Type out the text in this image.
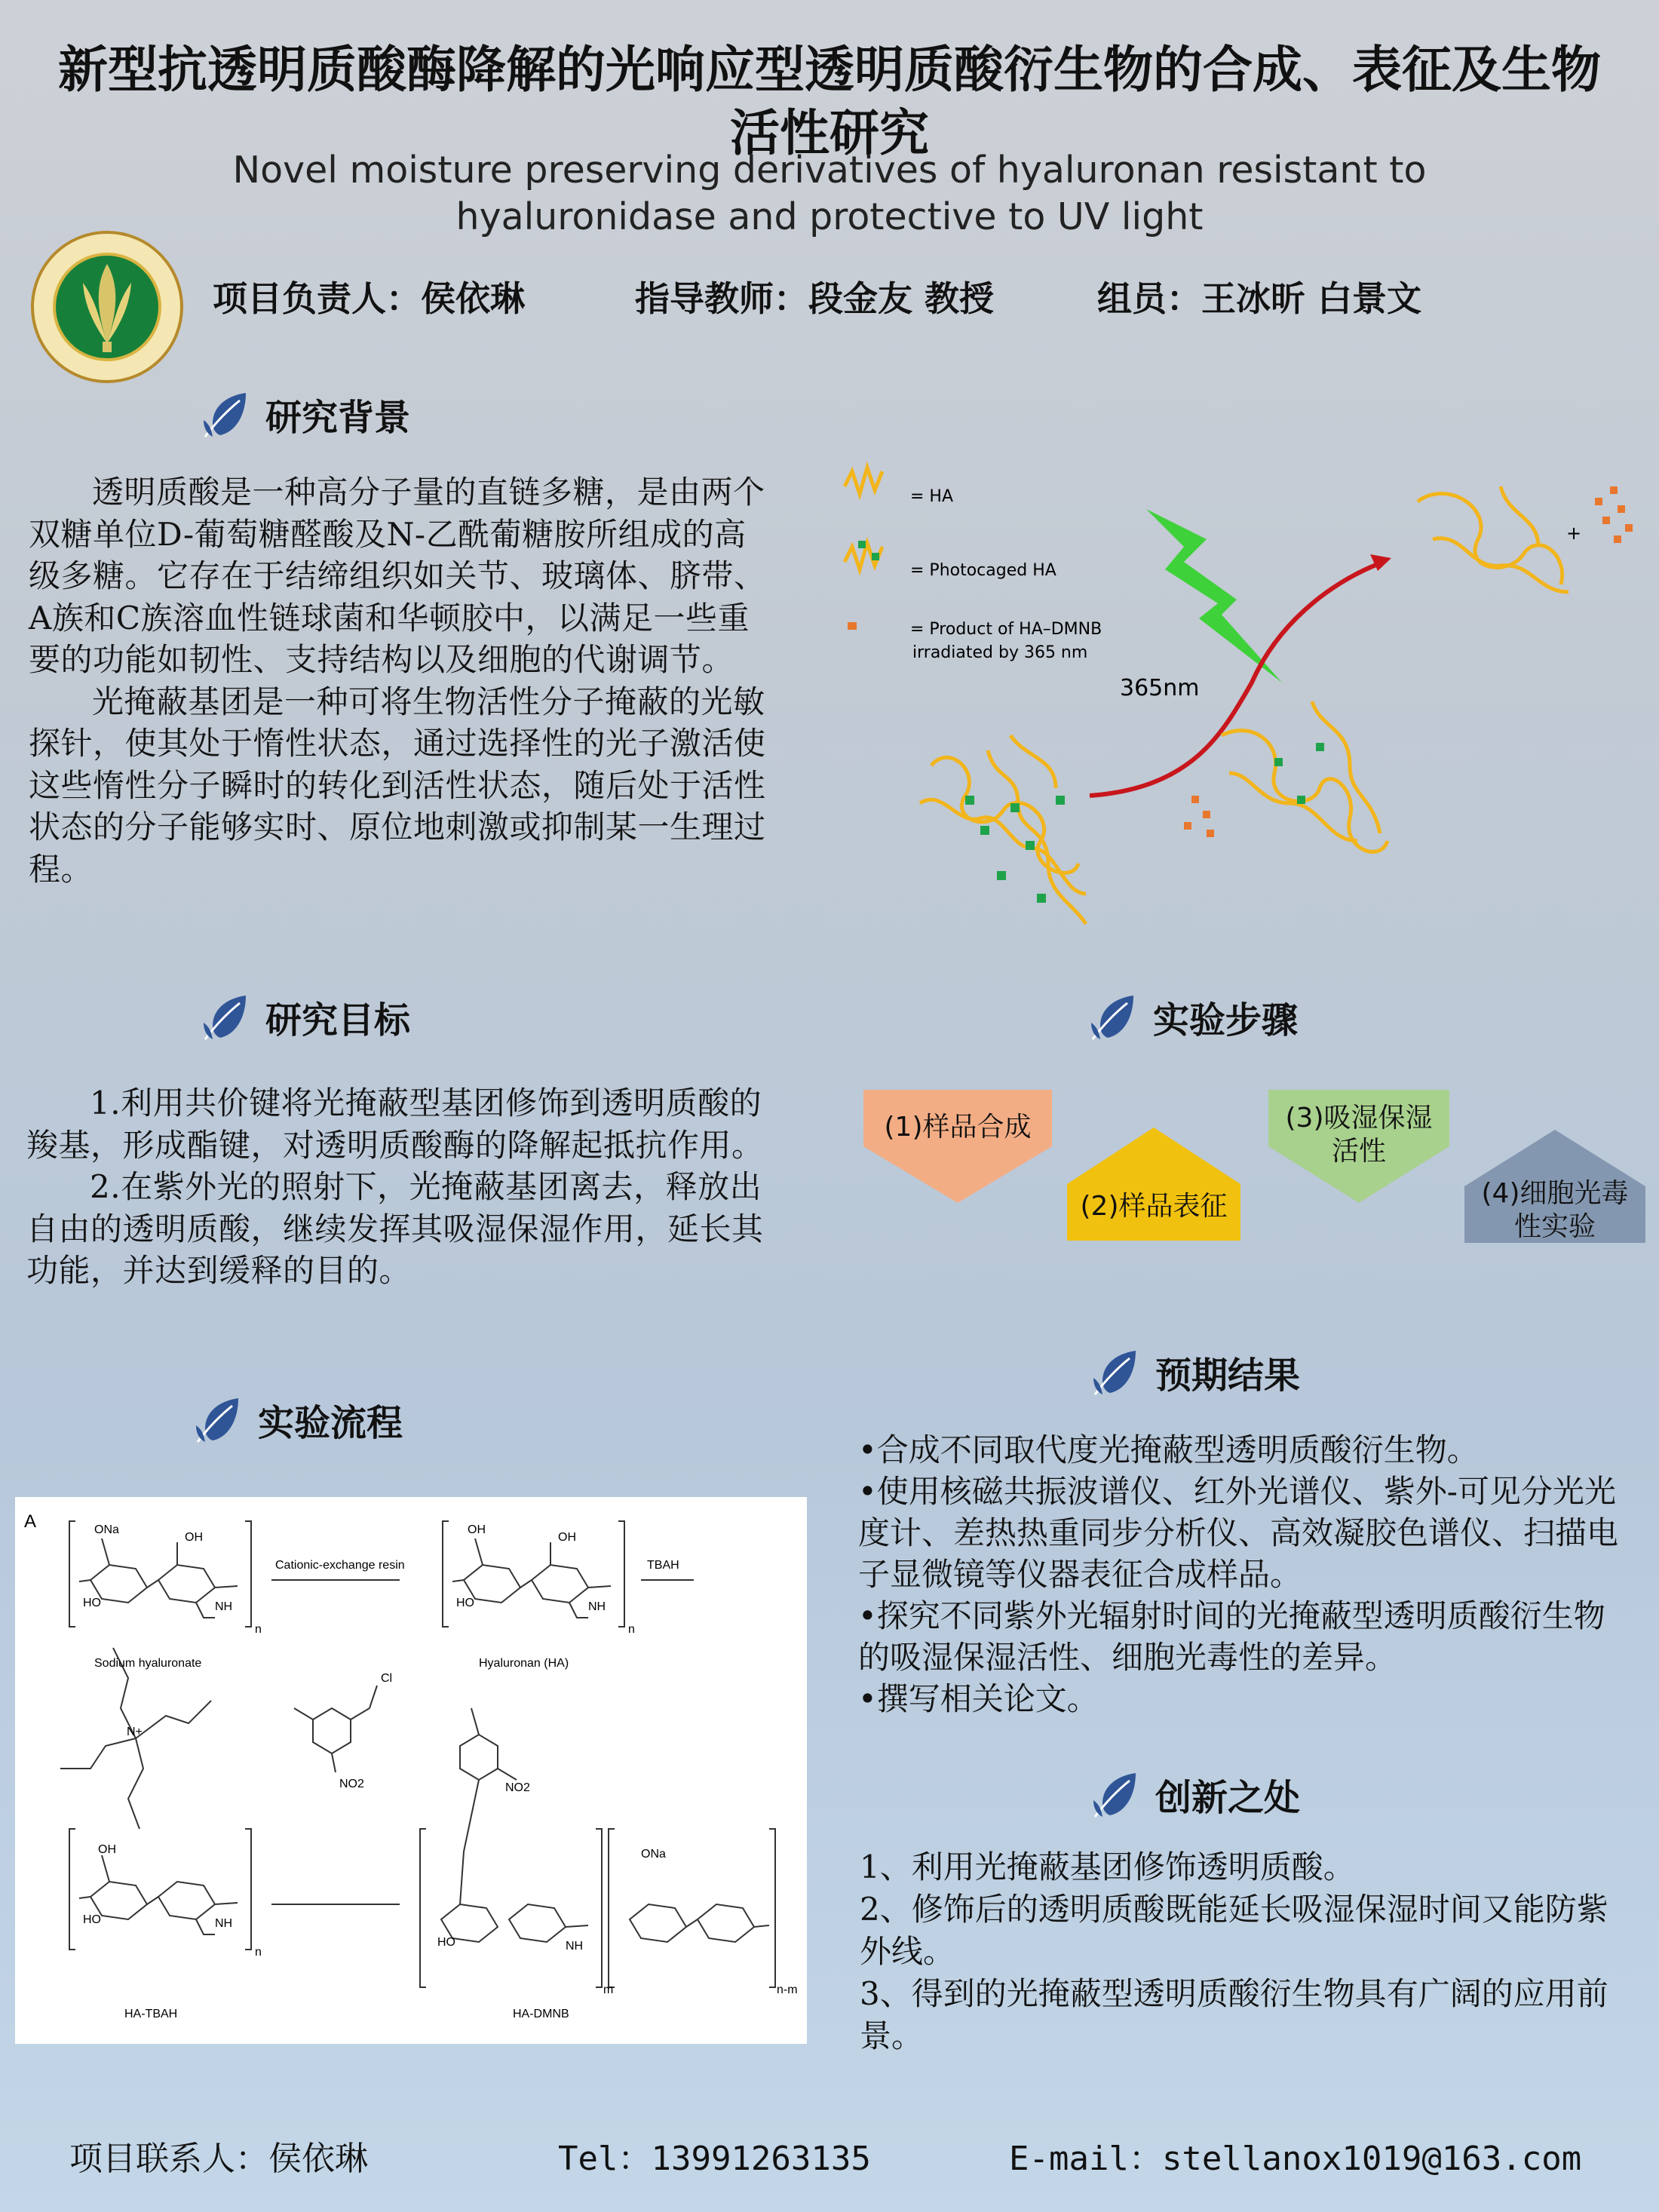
新型抗透明质酸酶降解的光响应型透明质酸衍生物的合成、表征及生物活性研究
Novel moisture preserving derivatives of hyaluronan resistant to hyaluronidase and protective to UV light
项目负责人：侯依琳	指导教师：段金友 教授	组员：王冰昕 白景文
研究背景

透明质酸是一种高分子量的直链多糖，是由两个双糖单位D-葡萄糖醛酸及N-乙酰葡糖胺所组成的高级多糖。它存在于结缔组织如关节、玻璃体、脐带、A族和C族溶血性链球菌和华顿胶中，以满足一些重要的功能如韧性、支持结构以及细胞的代谢调节。

光掩蔽基团是一种可将生物活性分子掩蔽的光敏探针，使其处于惰性状态，通过选择性的光子激活使这些惰性分子瞬时的转化到活性状态，随后处于活性状态的分子能够实时、原位地刺激或抑制某一生理过程。

= HA
= Photocaged HA
= Product of HA–DMNB
irradiated by 365 nm
365nm
+
研究目标

1.利用共价键将光掩蔽型基团修饰到透明质酸的羧基，形成酯键，对透明质酸酶的降解起抵抗作用。

2.在紫外光的照射下，光掩蔽基团离去，释放出自由的透明质酸，继续发挥其吸湿保湿作用，延长其功能，并达到缓释的目的。

实验步骤
(1)样品合成
(2)样品表征
(3)吸湿保湿
活性
(4)细胞光毒
性实验
实验流程
A	ONa
OH
HO	NH
n
Sodium hyaluronate
Cationic-exchange resin
OH
OH
HO	NH
n
Hyaluronan (HA)
TBAH
N+
OH
HO	NH
n
HA-TBAH
Cl
NO2	NO2
ONa
HO	NH
m	n-m
HA-DMNB
预期结果

•合成不同取代度光掩蔽型透明质酸衍生物。

•使用核磁共振波谱仪、红外光谱仪、紫外-可见分光光度计、差热热重同步分析仪、高效凝胶色谱仪、扫描电子显微镜等仪器表征合成样品。

•探究不同紫外光辐射时间的光掩蔽型透明质酸衍生物的吸湿保湿活性、细胞光毒性的差异。

•撰写相关论文。

创新之处

1、利用光掩蔽基团修饰透明质酸。

2、修饰后的透明质酸既能延长吸湿保湿时间又能防紫外线。

3、得到的光掩蔽型透明质酸衍生物具有广阔的应用前景。

项目联系人：侯依琳	Tel：13991263135	E-mail：stellanox1019@163.com
